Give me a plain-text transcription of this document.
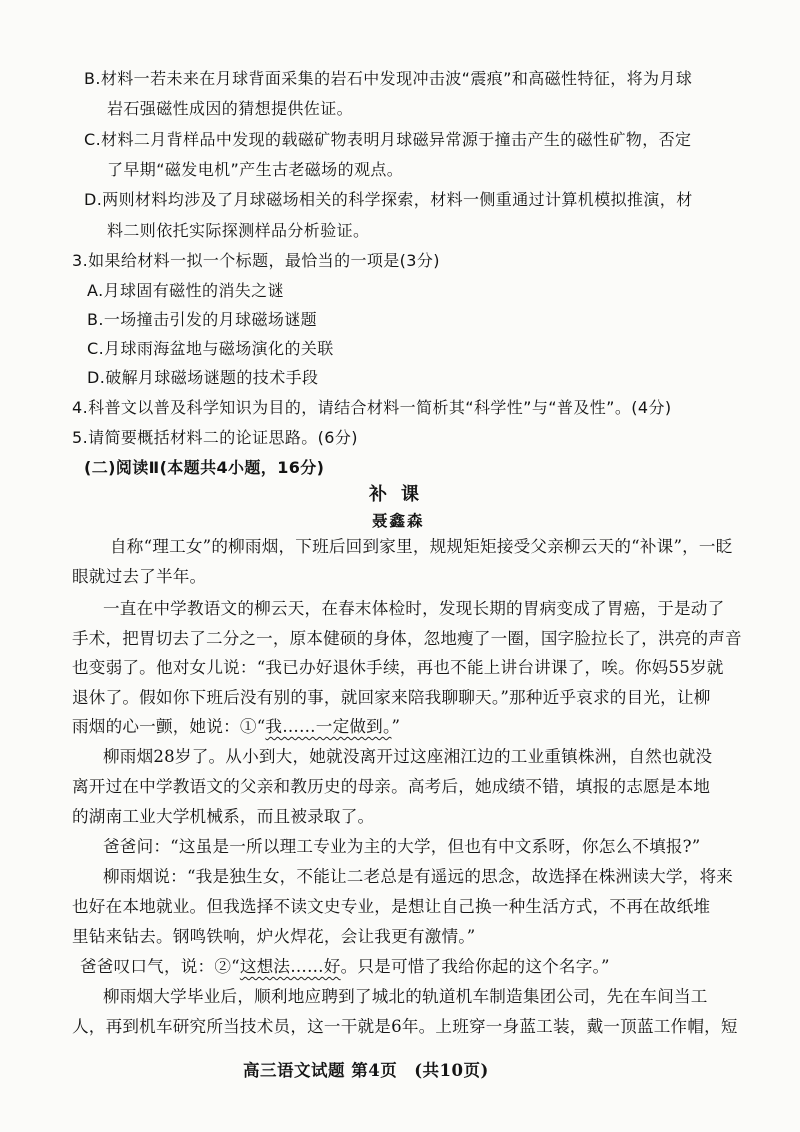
B.材料一若未来在月球背面采集的岩石中发现冲击波“震痕”和高磁性特征，将为月球
岩石强磁性成因的猜想提供佐证。
C.材料二月背样品中发现的载磁矿物表明月球磁异常源于撞击产生的磁性矿物，否定
了早期“磁发电机”产生古老磁场的观点。
D.两则材料均涉及了月球磁场相关的科学探索，材料一侧重通过计算机模拟推演，材
料二则依托实际探测样品分析验证。
3.如果给材料一拟一个标题，最恰当的一项是(3分)
A.月球固有磁性的消失之谜
B.一场撞击引发的月球磁场谜题
C.月球雨海盆地与磁场演化的关联
D.破解月球磁场谜题的技术手段
4.科普文以普及科学知识为目的，请结合材料一简析其“科学性”与“普及性”。(4分)
5.请简要概括材料二的论证思路。(6分)
(二)阅读Ⅱ(本题共4小题，16分)
补课
聂鑫森
自称“理工女”的柳雨烟，下班后回到家里，规规矩矩接受父亲柳云天的“补课”，一眨
眼就过去了半年。
一直在中学教语文的柳云天，在春末体检时，发现长期的胃病变成了胃癌，于是动了
手术，把胃切去了二分之一，原本健硕的身体，忽地瘦了一圈，国字脸拉长了，洪亮的声音
也变弱了。他对女儿说：“我已办好退休手续，再也不能上讲台讲课了，唉。你妈55岁就
退休了。假如你下班后没有别的事，就回家来陪我聊聊天。”那种近乎哀求的目光，让柳
雨烟的心一颤，她说：①“我……一定做到。”
柳雨烟28岁了。从小到大，她就没离开过这座湘江边的工业重镇株洲，自然也就没
离开过在中学教语文的父亲和教历史的母亲。高考后，她成绩不错，填报的志愿是本地
的湖南工业大学机械系，而且被录取了。
爸爸问：“这虽是一所以理工专业为主的大学，但也有中文系呀，你怎么不填报?”
柳雨烟说：“我是独生女，不能让二老总是有遥远的思念，故选择在株洲读大学，将来
也好在本地就业。但我选择不读文史专业，是想让自己换一种生活方式，不再在故纸堆
里钻来钻去。钢鸣铁响，炉火焊花，会让我更有激情。”
爸爸叹口气，说：②“这想法……好。只是可惜了我给你起的这个名字。”
柳雨烟大学毕业后，顺利地应聘到了城北的轨道机车制造集团公司，先在车间当工
人，再到机车研究所当技术员，这一干就是6年。上班穿一身蓝工装，戴一顶蓝工作帽，短
高三语文试题 第4页　(共10页)
